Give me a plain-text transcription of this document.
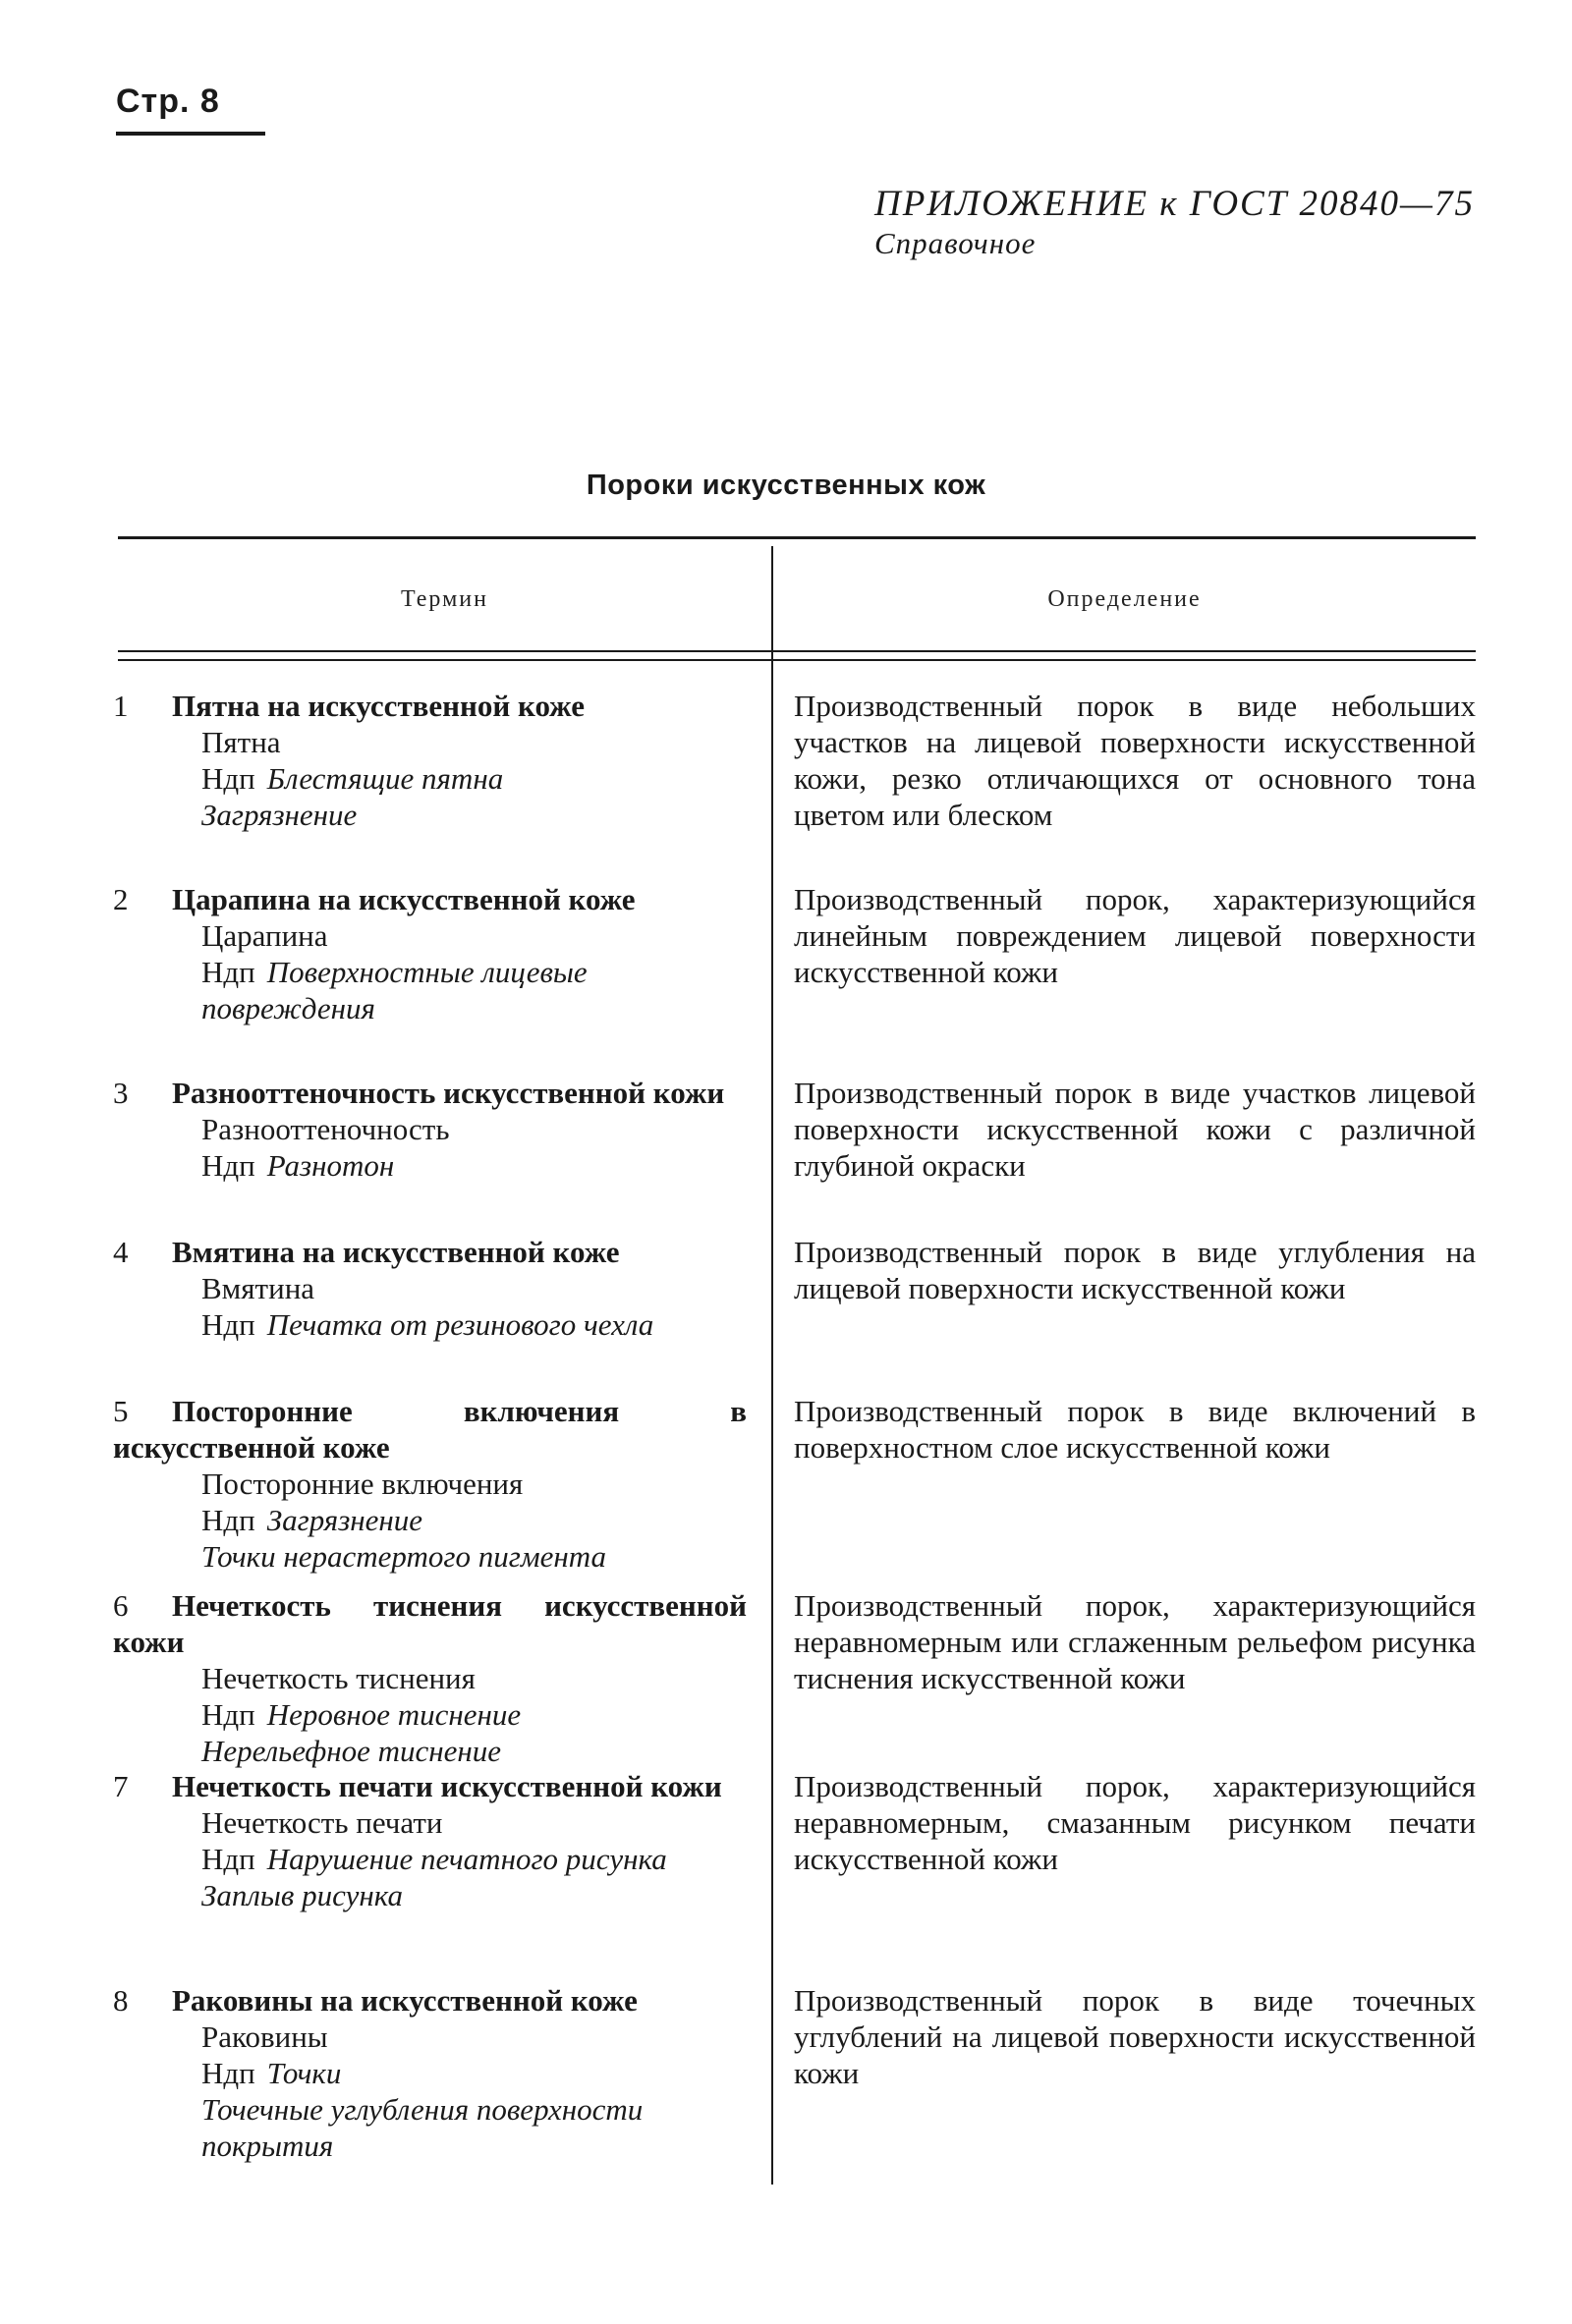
Стр. 8
ПРИЛОЖЕНИЕ к ГОСТ 20840—75
Справочное
Пороки искусственных кож
Термин	Определение
1 Пятна на искусственной коже
Пятна
Ндп Блестящие пятна
Загрязнение
Производственный порок в виде небольших участков на лицевой поверхности искусственной кожи, резко отличающихся от основного тона цветом или блеском
2 Царапина на искусственной коже
Царапина
Ндп Поверхностные лицевые повреждения
Производственный порок, характеризующийся линейным повреждением лицевой поверхности искусственной кожи
3 Разнооттеночность искусственной кожи
Разнооттеночность
Ндп Разнотон
Производственный порок в виде участков лицевой поверхности искусственной кожи с различной глубиной окраски
4 Вмятина на искусственной коже
Вмятина
Ндп Печатка от резинового чехла
Производственный порок в виде углубления на лицевой поверхности искусственной кожи
5 Посторонние включения в искусственной коже
Посторонние включения
Ндп Загрязнение
Точки нерастертого пигмента
Производственный порок в виде включений в поверхностном слое искусственной кожи
6 Нечеткость тиснения искусственной кожи
Нечеткость тиснения
Ндп Неровное тиснение
Нерельефное тиснение
Производственный порок, характеризующийся неравномерным или сглаженным рельефом рисунка тиснения искусственной кожи
7 Нечеткость печати искусственной кожи
Нечеткость печати
Ндп Нарушение печатного рисунка
Заплыв рисунка
Производственный порок, характеризующийся неравномерным, смазанным рисунком печати искусственной кожи
8 Раковины на искусственной коже
Раковины
Ндп Точки
Точечные углубления поверхности покрытия
Производственный порок в виде точечных углублений на лицевой поверхности искусственной кожи
